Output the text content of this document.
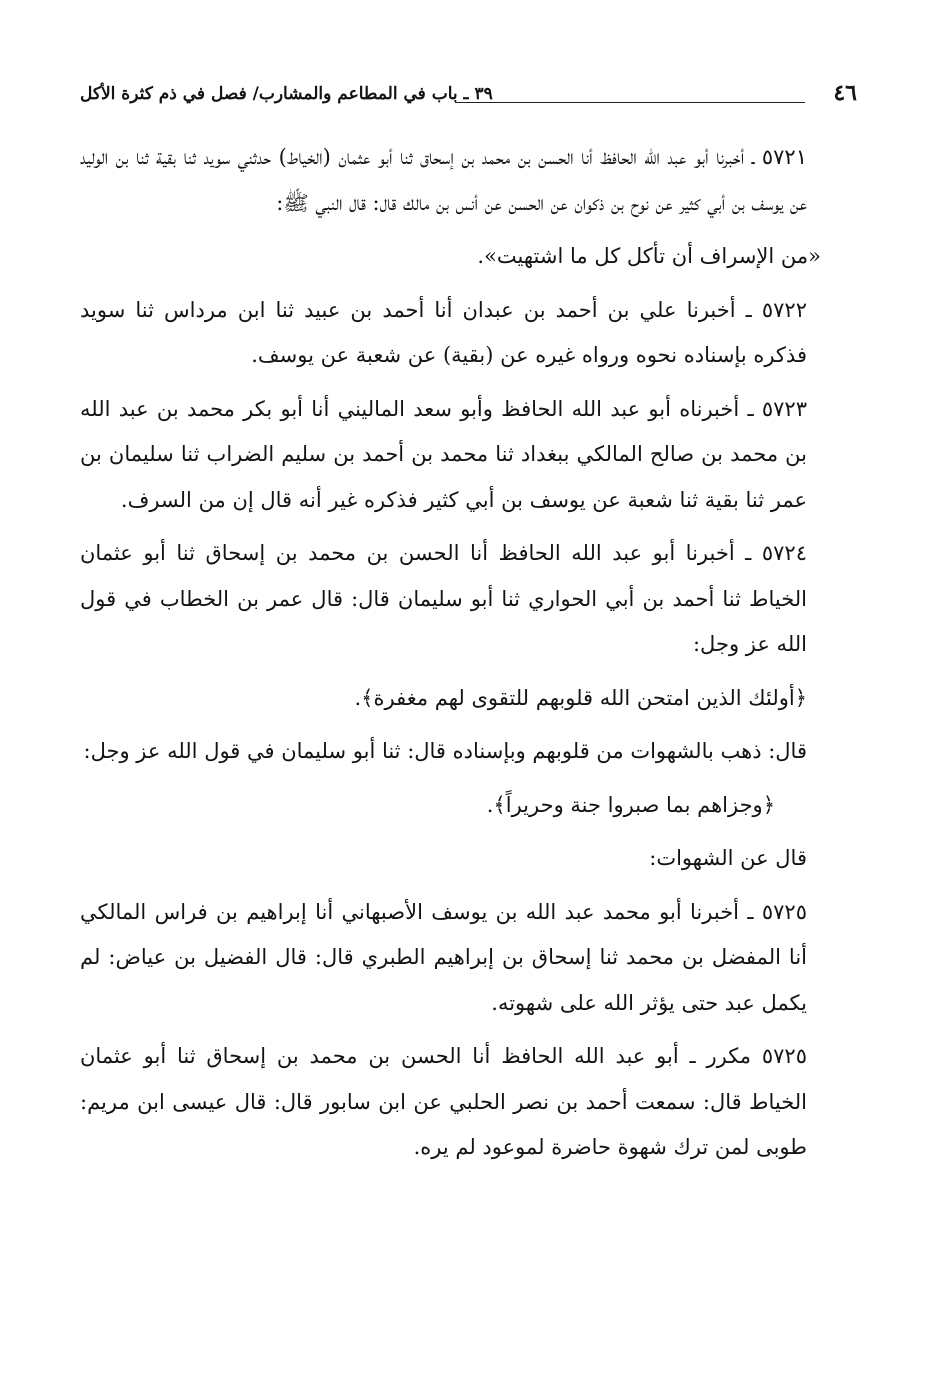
٤٦
٣٩ ـ باب في المطاعم والمشارب/ فصل في ذم كثرة الأكل

٥٧٢١ ـ أخبرنا أبو عبد الله الحافظ أنا الحسن بن محمد بن إسحاق ثنا أبو عثمان (الخياط) حدثني سويد ثنا بقية ثنا بن الوليد عن يوسف بن أبي كثير عن نوح بن ذكوان عن الحسن عن أنس بن مالك قال: قال النبي ﷺ:

«من الإسراف أن تأكل كل ما اشتهيت».

٥٧٢٢ ـ أخبرنا علي بن أحمد بن عبدان أنا أحمد بن عبيد ثنا ابن مرداس ثنا سويد فذكره بإسناده نحوه ورواه غيره عن (بقية) عن شعبة عن يوسف.

٥٧٢٣ ـ أخبرناه أبو عبد الله الحافظ وأبو سعد الماليني أنا أبو بكر محمد بن عبد الله بن محمد بن صالح المالكي ببغداد ثنا محمد بن أحمد بن سليم الضراب ثنا سليمان بن عمر ثنا بقية ثنا شعبة عن يوسف بن أبي كثير فذكره غير أنه قال إن من السرف.

٥٧٢٤ ـ أخبرنا أبو عبد الله الحافظ أنا الحسن بن محمد بن إسحاق ثنا أبو عثمان الخياط ثنا أحمد بن أبي الحواري ثنا أبو سليمان قال: قال عمر بن الخطاب في قول الله عز وجل:

﴿أولئك الذين امتحن الله قلوبهم للتقوى لهم مغفرة﴾.

قال: ذهب بالشهوات من قلوبهم وبإسناده قال: ثنا أبو سليمان في قول الله عز وجل:

﴿وجزاهم بما صبروا جنة وحريراً﴾.

قال عن الشهوات:

٥٧٢٥ ـ أخبرنا أبو محمد عبد الله بن يوسف الأصبهاني أنا إبراهيم بن فراس المالكي أنا المفضل بن محمد ثنا إسحاق بن إبراهيم الطبري قال: قال الفضيل بن عياض: لم يكمل عبد حتى يؤثر الله على شهوته.

٥٧٢٥ مكرر ـ أبو عبد الله الحافظ أنا الحسن بن محمد بن إسحاق ثنا أبو عثمان الخياط قال: سمعت أحمد بن نصر الحلبي عن ابن سابور قال: قال عيسى ابن مريم: طوبى لمن ترك شهوة حاضرة لموعود لم يره.
